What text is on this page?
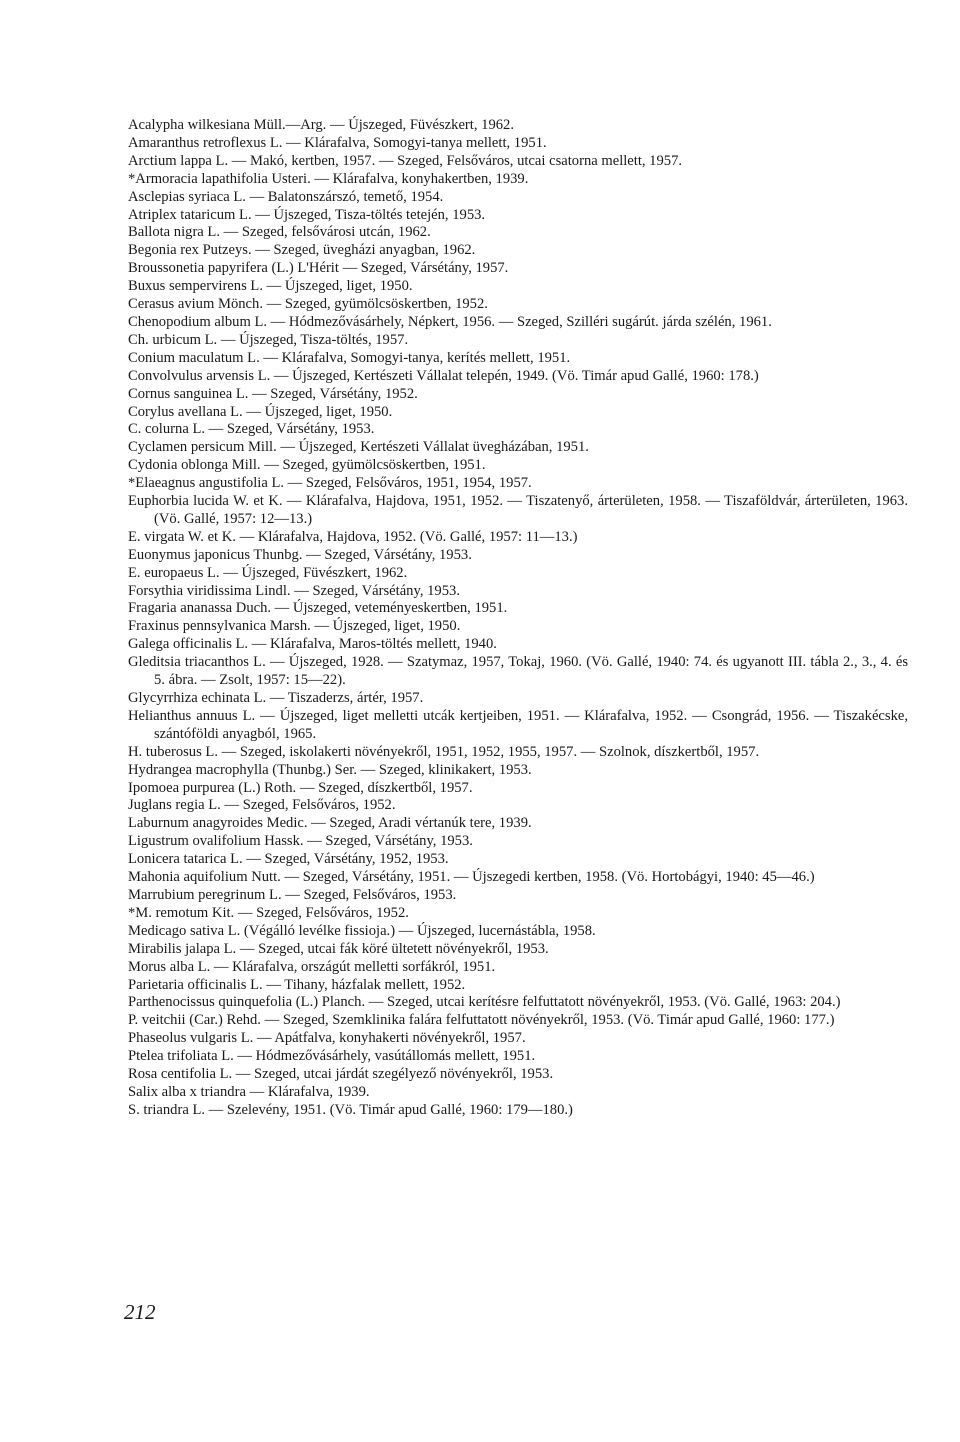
Acalypha wilkesiana Müll.—Arg. — Újszeged, Füvészkert, 1962.
Amaranthus retroflexus L. — Klárafalva, Somogyi-tanya mellett, 1951.
Arctium lappa L. — Makó, kertben, 1957. — Szeged, Felsőváros, utcai csatorna mellett, 1957.
*Armoracia lapathifolia Usteri. — Klárafalva, konyhakertben, 1939.
Asclepias syriaca L. — Balatonszárszó, temető, 1954.
Atriplex tataricum L. — Újszeged, Tisza-töltés tetején, 1953.
Ballota nigra L. — Szeged, felsővárosi utcán, 1962.
Begonia rex Putzeys. — Szeged, üvegházi anyagban, 1962.
Broussonetia papyrifera (L.) L'Hérit — Szeged, Vársétány, 1957.
Buxus sempervirens L. — Újszeged, liget, 1950.
Cerasus avium Mönch. — Szeged, gyümölcsöskertben, 1952.
Chenopodium album L. — Hódmezővásárhely, Népkert, 1956. — Szeged, Szilléri sugárút. járda szélén, 1961.
Ch. urbicum L. — Újszeged, Tisza-töltés, 1957.
Conium maculatum L. — Klárafalva, Somogyi-tanya, kerítés mellett, 1951.
Convolvulus arvensis L. — Újszeged, Kertészeti Vállalat telepén, 1949. (Vö. Timár apud Gallé, 1960: 178.)
Cornus sanguinea L. — Szeged, Vársétány, 1952.
Corylus avellana L. — Újszeged, liget, 1950.
C. colurna L. — Szeged, Vársétány, 1953.
Cyclamen persicum Mill. — Újszeged, Kertészeti Vállalat üvegházában, 1951.
Cydonia oblonga Mill. — Szeged, gyümölcsöskertben, 1951.
*Elaeagnus angustifolia L. — Szeged, Felsőváros, 1951, 1954, 1957.
Euphorbia lucida W. et K. — Klárafalva, Hajdova, 1951, 1952. — Tiszatenyő, árterületen, 1958. — Tiszaföldvár, árterületen, 1963. (Vö. Gallé, 1957: 12—13.)
E. virgata W. et K. — Klárafalva, Hajdova, 1952. (Vö. Gallé, 1957: 11—13.)
Euonymus japonicus Thunbg. — Szeged, Vársétány, 1953.
E. europaeus L. — Újszeged, Füvészkert, 1962.
Forsythia viridissima Lindl. — Szeged, Vársétány, 1953.
Fragaria ananassa Duch. — Újszeged, veteményeskertben, 1951.
Fraxinus pennsylvanica Marsh. — Újszeged, liget, 1950.
Galega officinalis L. — Klárafalva, Maros-töltés mellett, 1940.
Gleditsia triacanthos L. — Újszeged, 1928. — Szatymaz, 1957, Tokaj, 1960. (Vö. Gallé, 1940: 74. és ugyanott III. tábla 2., 3., 4. és 5. ábra. — Zsolt, 1957: 15—22).
Glycyrrhiza echinata L. — Tiszaderzs, ártér, 1957.
Helianthus annuus L. — Újszeged, liget melletti utcák kertjeiben, 1951. — Klárafalva, 1952. — Csongrád, 1956. — Tiszakécske, szántóföldi anyagból, 1965.
H. tuberosus L. — Szeged, iskolakerti növényekről, 1951, 1952, 1955, 1957. — Szolnok, díszkertből, 1957.
Hydrangea macrophylla (Thunbg.) Ser. — Szeged, klinikakert, 1953.
Ipomoea purpurea (L.) Roth. — Szeged, díszkertből, 1957.
Juglans regia L. — Szeged, Felsőváros, 1952.
Laburnum anagyroides Medic. — Szeged, Aradi vértanúk tere, 1939.
Ligustrum ovalifolium Hassk. — Szeged, Vársétány, 1953.
Lonicera tatarica L. — Szeged, Vársétány, 1952, 1953.
Mahonia aquifolium Nutt. — Szeged, Vársétány, 1951. — Újszegedi kertben, 1958. (Vö. Hortobágyi, 1940: 45—46.)
Marrubium peregrinum L. — Szeged, Felsőváros, 1953.
*M. remotum Kit. — Szeged, Felsőváros, 1952.
Medicago sativa L. (Végálló levélke fissioja.) — Újszeged, lucernástábla, 1958.
Mirabilis jalapa L. — Szeged, utcai fák köré ültetett növényekről, 1953.
Morus alba L. — Klárafalva, országút melletti sorfákról, 1951.
Parietaria officinalis L. — Tihany, házfalak mellett, 1952.
Parthenocissus quinquefolia (L.) Planch. — Szeged, utcai kerítésre felfuttatott növényekről, 1953. (Vö. Gallé, 1963: 204.)
P. veitchii (Car.) Rehd. — Szeged, Szemklinika falára felfuttatott növényekről, 1953. (Vö. Timár apud Gallé, 1960: 177.)
Phaseolus vulgaris L. — Apátfalva, konyhakerti növényekről, 1957.
Ptelea trifoliata L. — Hódmezővásárhely, vasútállomás mellett, 1951.
Rosa centifolia L. — Szeged, utcai járdát szegélyező növényekről, 1953.
Salix alba x triandra — Klárafalva, 1939.
S. triandra L. — Szelevény, 1951. (Vö. Timár apud Gallé, 1960: 179—180.)
212
